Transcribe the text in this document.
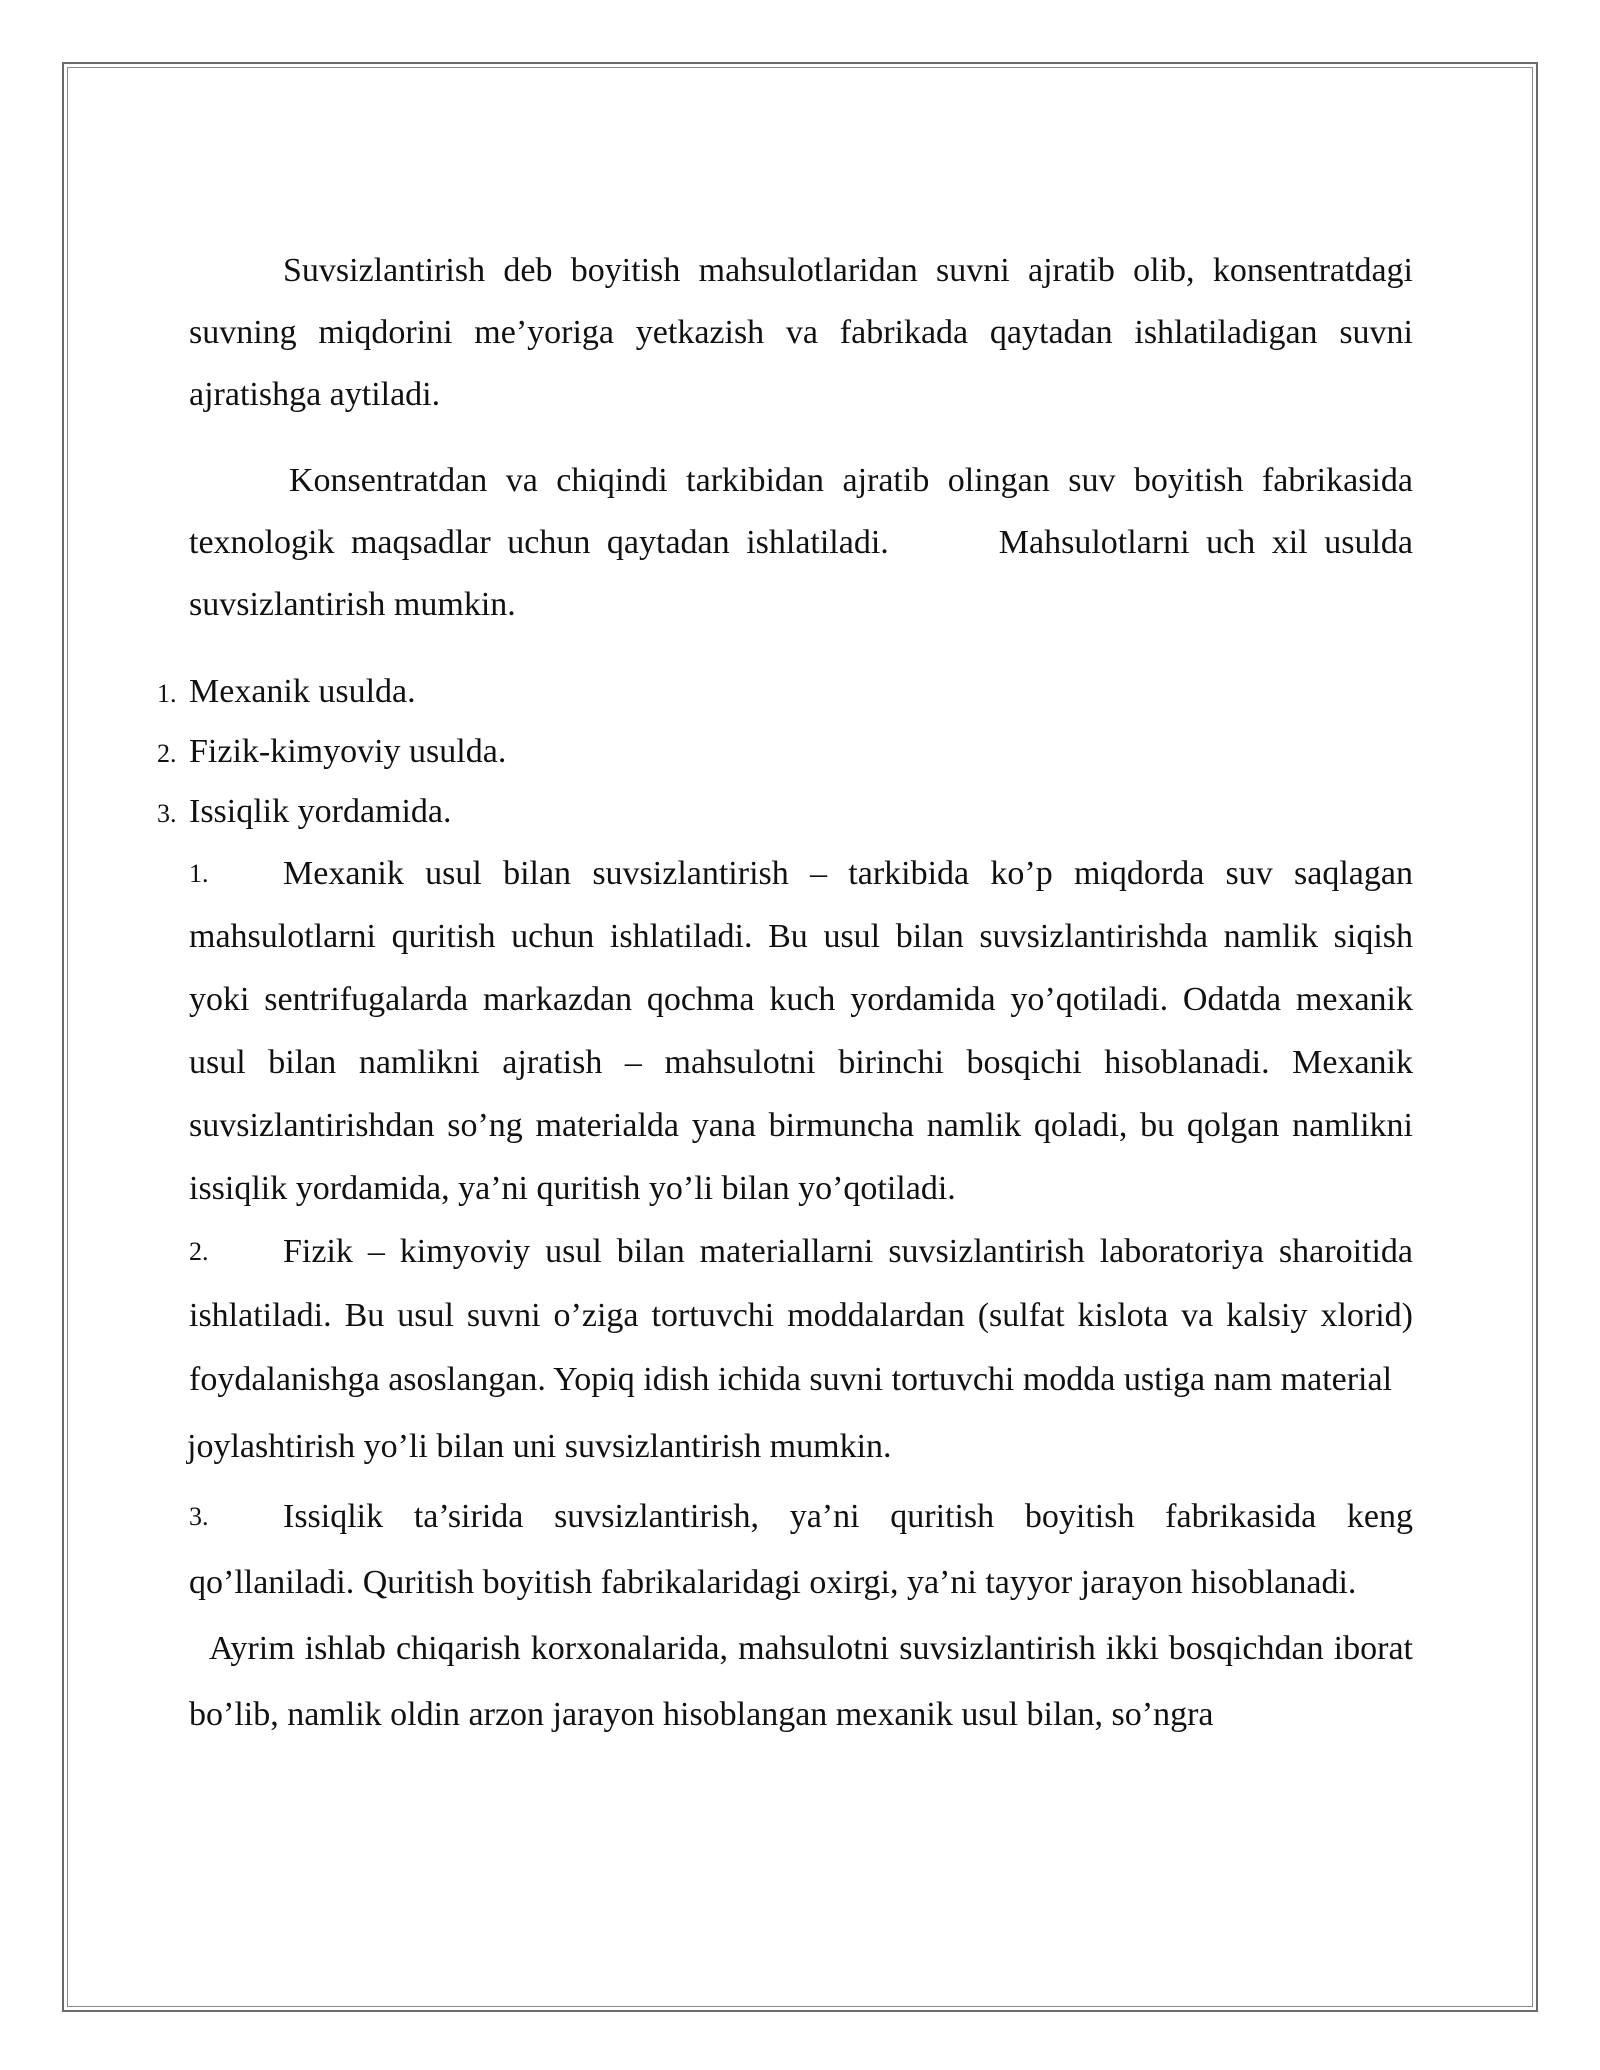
Suvsizlantirish deb boyitish mahsulotlaridan suvni ajratib olib, konsentratdagi suvning miqdorini me’yoriga yetkazish va fabrikada qaytadan ishlatiladigan suvni ajratishga aytiladi.

Konsentratdan va chiqindi tarkibidan ajratib olingan suv boyitish fabrikasida texnologik maqsadlar uchun qaytadan ishlatiladi.	Mahsulotlarni uch xil usulda suvsizlantirish mumkin.

1. Mexanik usulda.
2. Fizik-kimyoviy usulda.
3. Issiqlik yordamida.
1.	Mexanik usul bilan suvsizlantirish – tarkibida ko’p miqdorda suv saqlagan mahsulotlarni quritish uchun ishlatiladi. Bu usul bilan suvsizlantirishda namlik siqish yoki sentrifugalarda markazdan qochma kuch yordamida yo’qotiladi. Odatda mexanik usul bilan namlikni ajratish – mahsulotni birinchi bosqichi hisoblanadi. Mexanik suvsizlantirishdan so’ng materialda yana birmuncha namlik qoladi, bu qolgan namlikni issiqlik yordamida, ya’ni quritish yo’li bilan yo’qotiladi.

2.	Fizik – kimyoviy usul bilan materiallarni suvsizlantirish laboratoriya sharoitida ishlatiladi. Bu usul suvni o’ziga tortuvchi moddalardan (sulfat kislota va kalsiy xlorid) foydalanishga asoslangan. Yopiq idish ichida suvni tortuvchi modda ustiga nam material

joylashtirish yo’li bilan uni suvsizlantirish mumkin.

3.	Issiqlik ta’sirida suvsizlantirish, ya’ni quritish boyitish fabrikasida keng qo’llaniladi. Quritish boyitish fabrikalaridagi oxirgi, ya’ni tayyor jarayon hisoblanadi.

Ayrim ishlab chiqarish korxonalarida, mahsulotni suvsizlantirish ikki bosqichdan iborat bo’lib, namlik oldin arzon jarayon hisoblangan mexanik usul bilan, so’ngra
